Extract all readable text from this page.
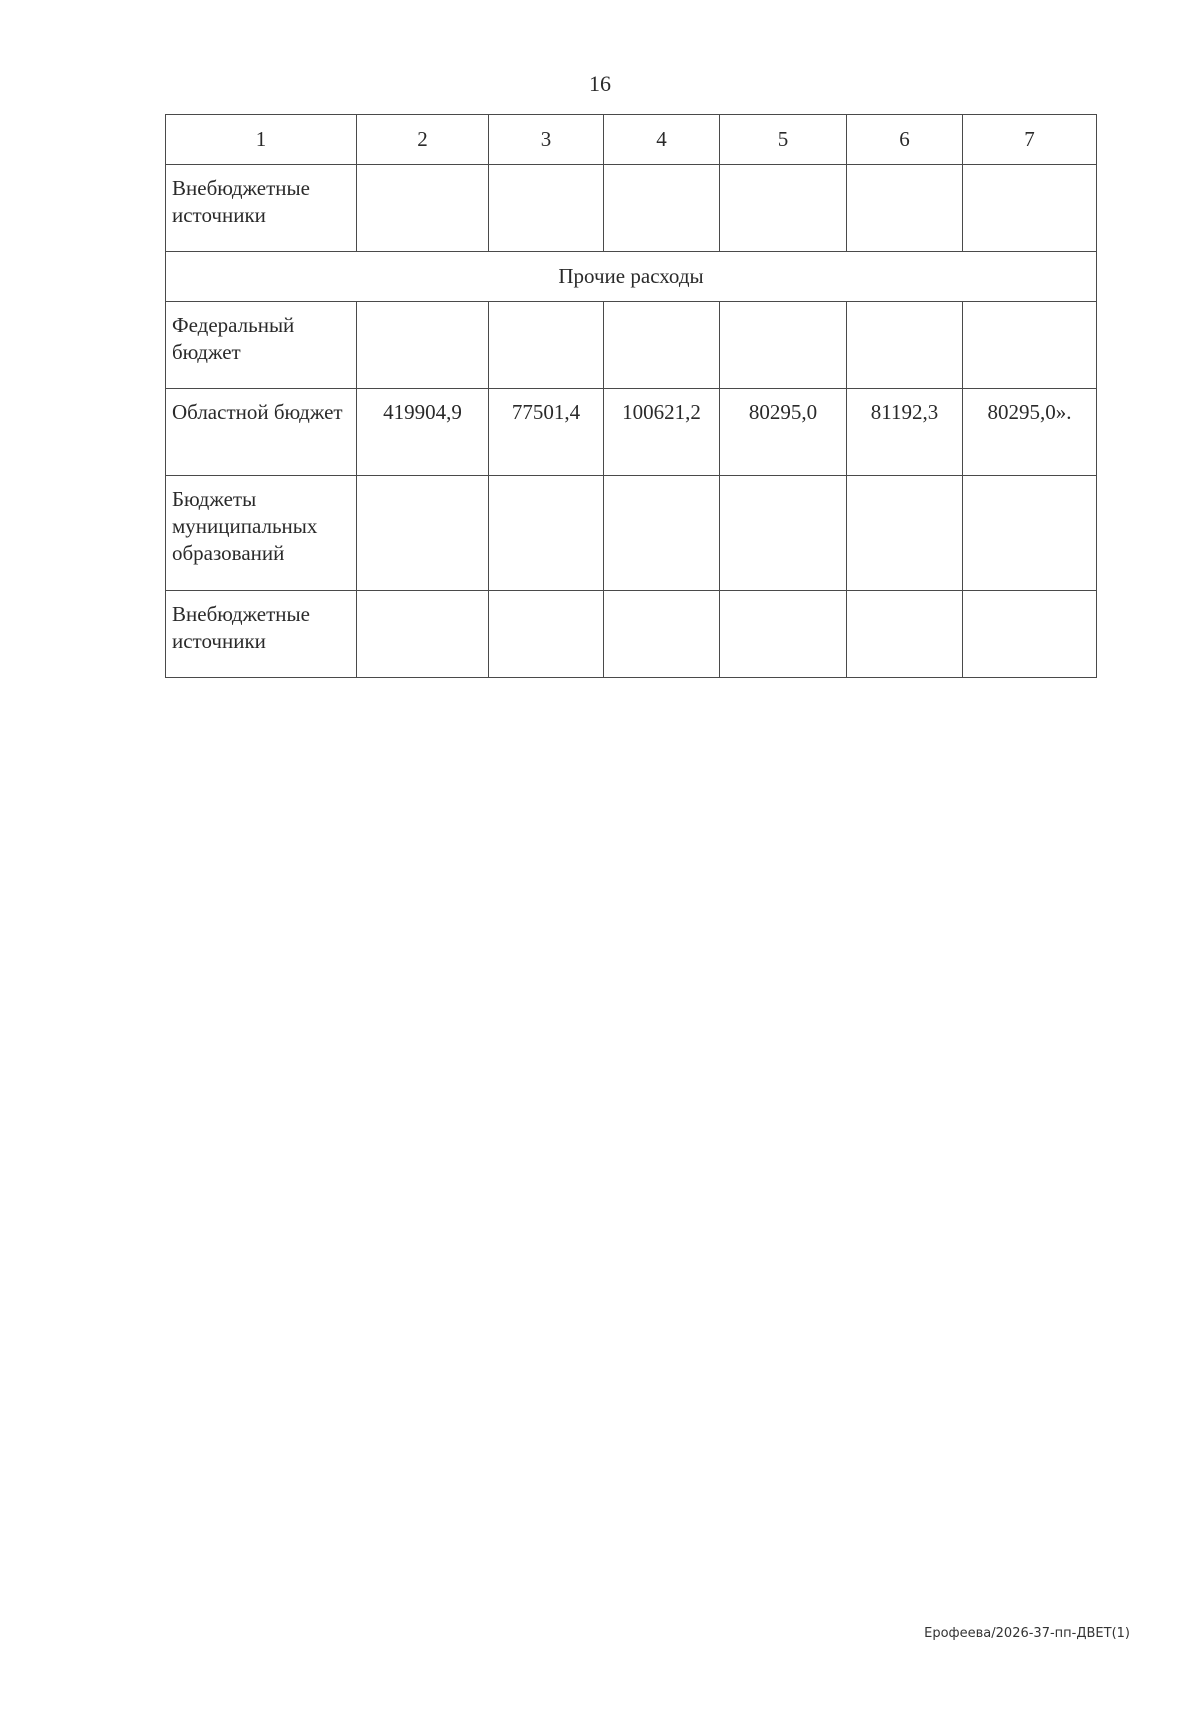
16
1	2	3	4	5	6	7
Внебюджетные источники						
Прочие расходы						
Федеральный бюджет						
Областной бюджет	419904,9	77501,4	100621,2	80295,0	81192,3	80295,0».
Бюджеты муниципальных образований						
Внебюджетные источники						
Ерофеева/2026-37-пп-ДВЕТ(1)
